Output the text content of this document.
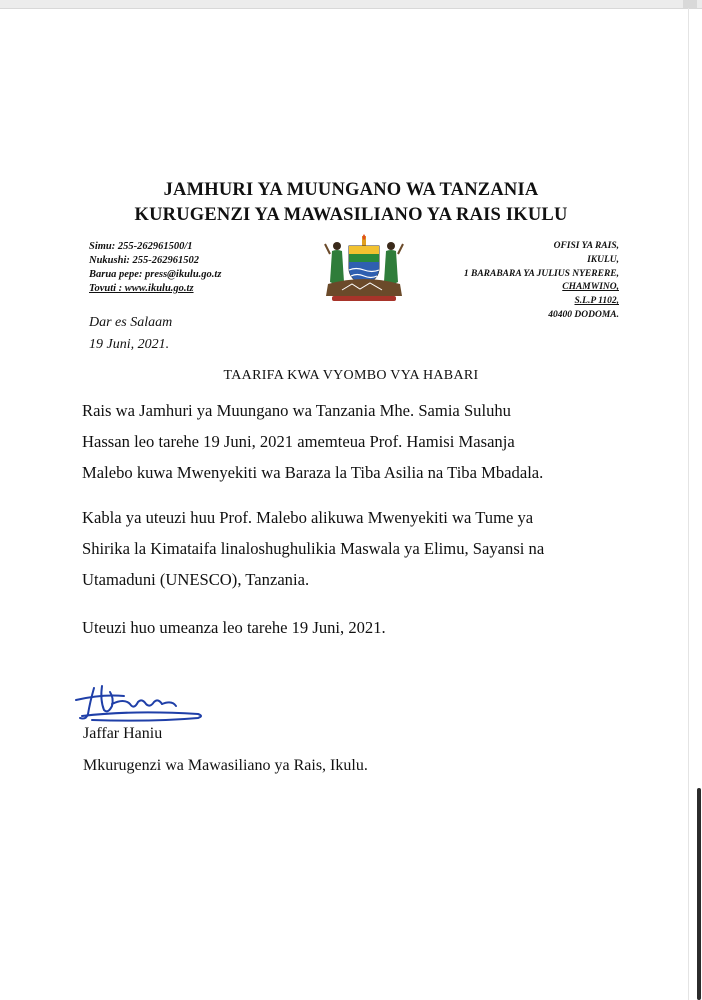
JAMHURI YA MUUNGANO WA TANZANIA
KURUGENZI YA MAWASILIANO YA RAIS IKULU
Simu: 255-262961500/1
Nukushi: 255-262961502
Barua pepe: press@ikulu.go.tz
Tovuti : www.ikulu.go.tz
OFISI YA RAIS,
IKULU,
1 BARABARA YA JULIUS NYERERE,
CHAMWINO,
S.L.P 1102,
40400 DODOMA.
Dar es Salaam
19 Juni, 2021.
TAARIFA KWA VYOMBO VYA HABARI
Rais wa Jamhuri ya Muungano wa Tanzania Mhe. Samia Suluhu
Hassan leo tarehe 19 Juni, 2021 amemteua Prof. Hamisi Masanja
Malebo kuwa Mwenyekiti wa Baraza la Tiba Asilia na Tiba Mbadala.
Kabla ya uteuzi huu Prof. Malebo alikuwa Mwenyekiti wa Tume ya
Shirika la Kimataifa linaloshughulikia Maswala ya Elimu, Sayansi na
Utamaduni (UNESCO), Tanzania.
Uteuzi huo umeanza leo tarehe 19 Juni, 2021.
Jaffar Haniu
Mkurugenzi wa Mawasiliano ya Rais, Ikulu.
